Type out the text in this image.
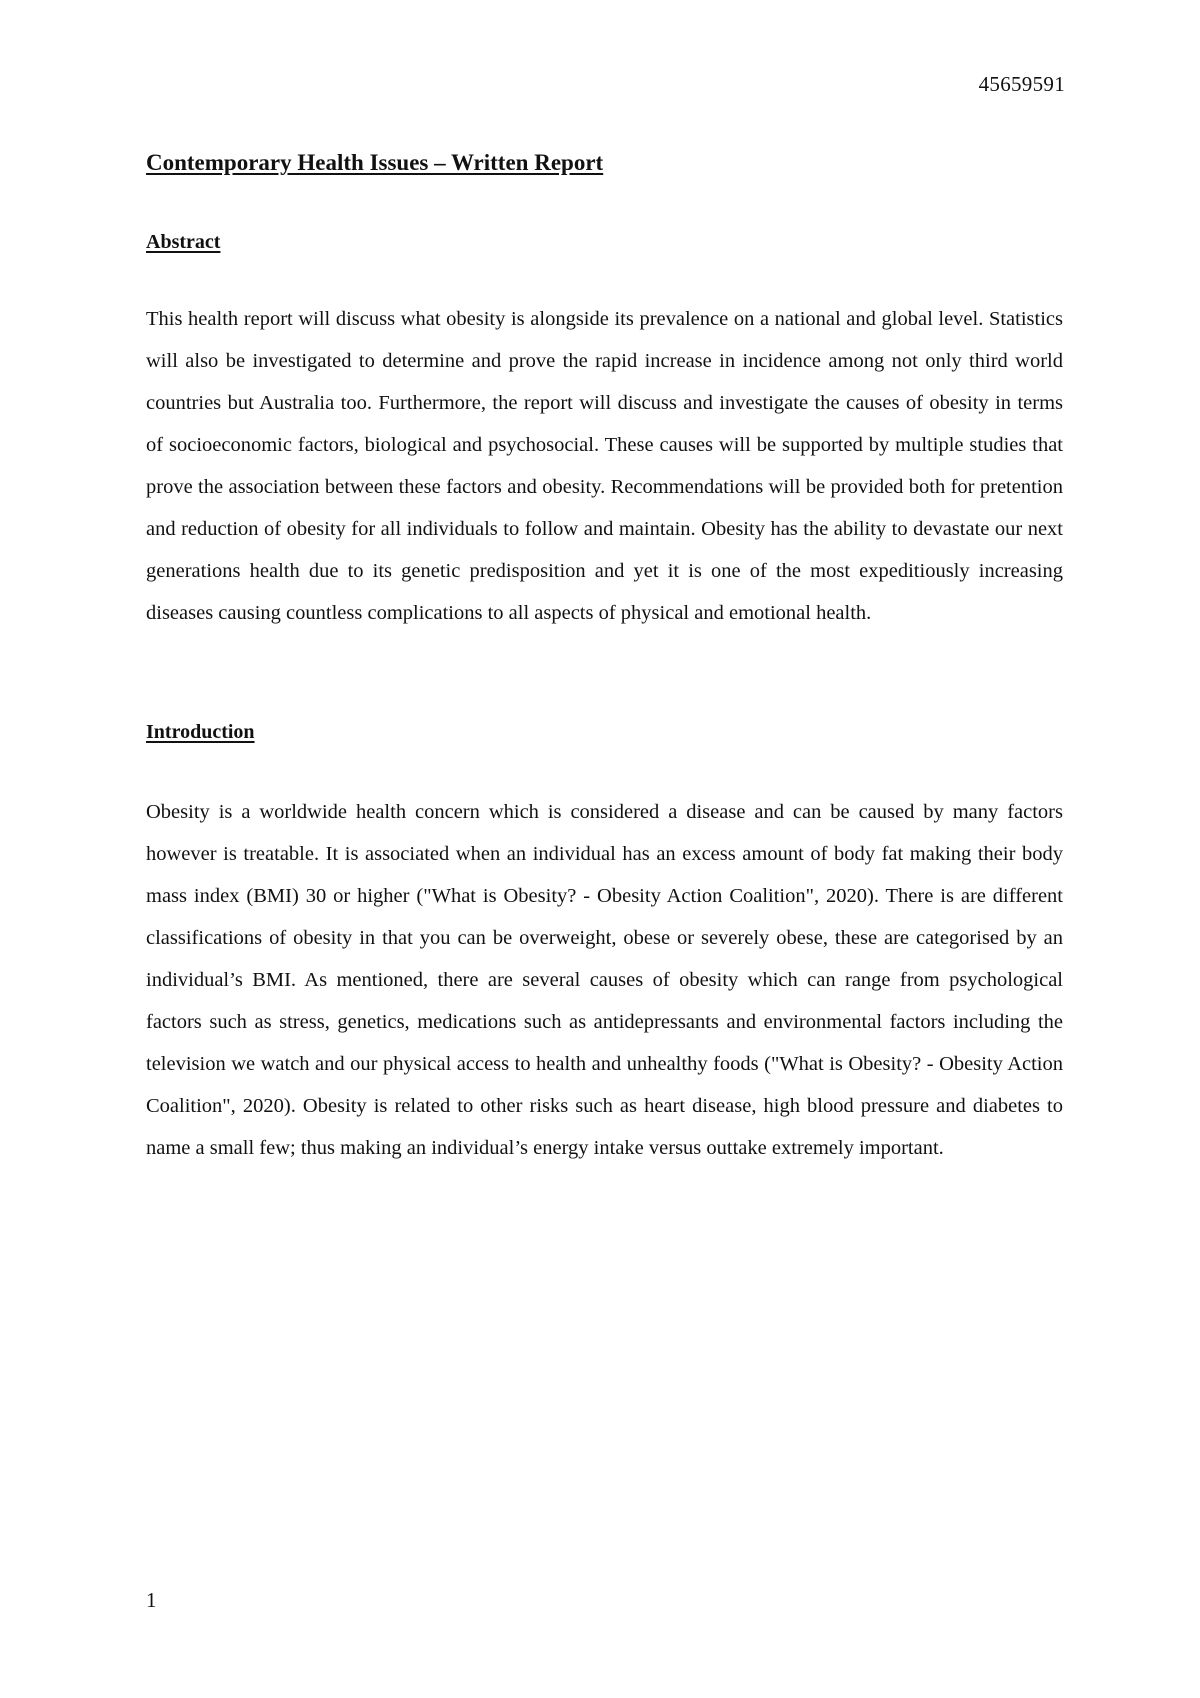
45659591
Contemporary Health Issues – Written Report
Abstract

This health report will discuss what obesity is alongside its prevalence on a national and global level. Statistics will also be investigated to determine and prove the rapid increase in incidence among not only third world countries but Australia too. Furthermore, the report will discuss and investigate the causes of obesity in terms of socioeconomic factors, biological and psychosocial. These causes will be supported by multiple studies that prove the association between these factors and obesity. Recommendations will be provided both for pretention and reduction of obesity for all individuals to follow and maintain. Obesity has the ability to devastate our next generations health due to its genetic predisposition and yet it is one of the most expeditiously increasing diseases causing countless complications to all aspects of physical and emotional health.

Introduction

Obesity is a worldwide health concern which is considered a disease and can be caused by many factors however is treatable. It is associated when an individual has an excess amount of body fat making their body mass index (BMI) 30 or higher ("What is Obesity? - Obesity Action Coalition", 2020). There is are different classifications of obesity in that you can be overweight, obese or severely obese, these are categorised by an individual’s BMI. As mentioned, there are several causes of obesity which can range from psychological factors such as stress, genetics, medications such as antidepressants and environmental factors including the television we watch and our physical access to health and unhealthy foods ("What is Obesity? - Obesity Action Coalition", 2020). Obesity is related to other risks such as heart disease, high blood pressure and diabetes to name a small few; thus making an individual’s energy intake versus outtake extremely important.

1
